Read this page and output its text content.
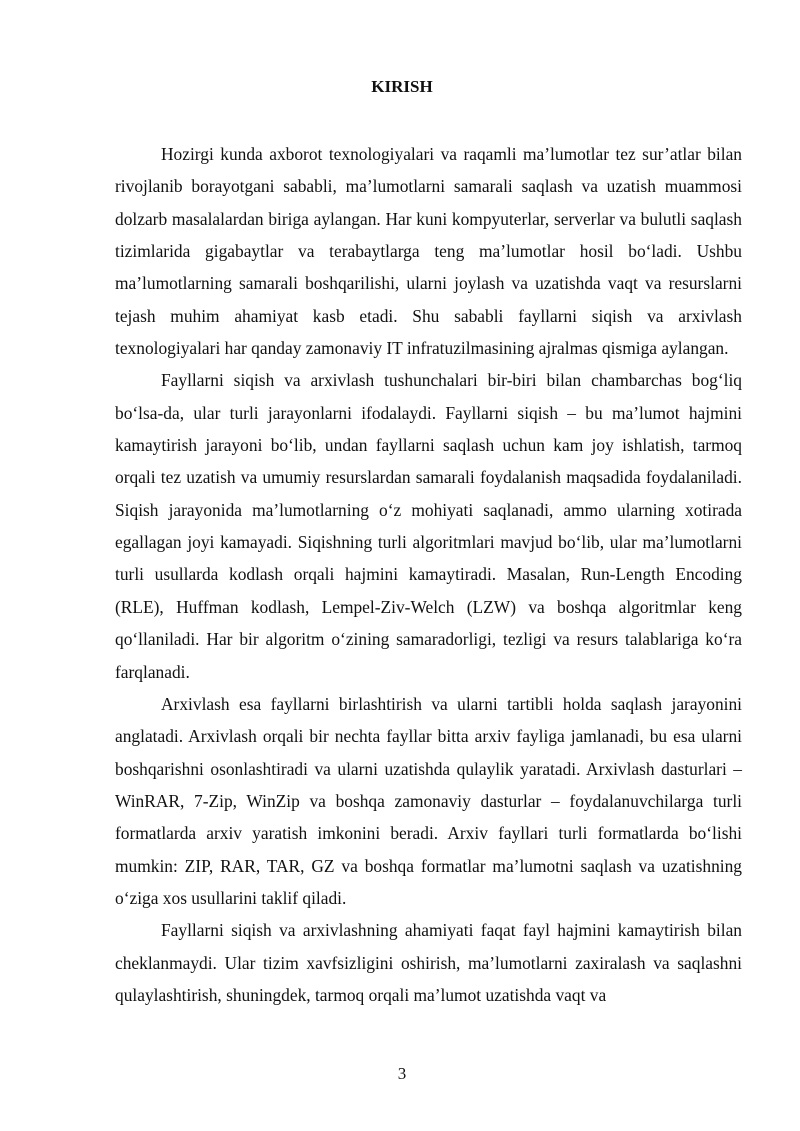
KIRISH

Hozirgi kunda axborot texnologiyalari va raqamli ma’lumotlar tez sur’atlar bilan rivojlanib borayotgani sababli, ma’lumotlarni samarali saqlash va uzatish muammosi dolzarb masalalardan biriga aylangan. Har kuni kompyuterlar, serverlar va bulutli saqlash tizimlarida gigabaytlar va terabaytlarga teng ma’lumotlar hosil bo‘ladi. Ushbu ma’lumotlarning samarali boshqarilishi, ularni joylash va uzatishda vaqt va resurslarni tejash muhim ahamiyat kasb etadi. Shu sababli fayllarni siqish va arxivlash texnologiyalari har qanday zamonaviy IT infratuzilmasining ajralmas qismiga aylangan.

Fayllarni siqish va arxivlash tushunchalari bir-biri bilan chambarchas bog‘liq bo‘lsa-da, ular turli jarayonlarni ifodalaydi. Fayllarni siqish – bu ma’lumot hajmini kamaytirish jarayoni bo‘lib, undan fayllarni saqlash uchun kam joy ishlatish, tarmoq orqali tez uzatish va umumiy resurslardan samarali foydalanish maqsadida foydalaniladi. Siqish jarayonida ma’lumotlarning o‘z mohiyati saqlanadi, ammo ularning xotirada egallagan joyi kamayadi. Siqishning turli algoritmlari mavjud bo‘lib, ular ma’lumotlarni turli usullarda kodlash orqali hajmini kamaytiradi. Masalan, Run-Length Encoding (RLE), Huffman kodlash, Lempel-Ziv-Welch (LZW) va boshqa algoritmlar keng qo‘llaniladi. Har bir algoritm o‘zining samaradorligi, tezligi va resurs talablariga ko‘ra farqlanadi.

Arxivlash esa fayllarni birlashtirish va ularni tartibli holda saqlash jarayonini anglatadi. Arxivlash orqali bir nechta fayllar bitta arxiv fayliga jamlanadi, bu esa ularni boshqarishni osonlashtiradi va ularni uzatishda qulaylik yaratadi. Arxivlash dasturlari – WinRAR, 7-Zip, WinZip va boshqa zamonaviy dasturlar – foydalanuvchilarga turli formatlarda arxiv yaratish imkonini beradi. Arxiv fayllari turli formatlarda bo‘lishi mumkin: ZIP, RAR, TAR, GZ va boshqa formatlar ma’lumotni saqlash va uzatishning o‘ziga xos usullarini taklif qiladi.

Fayllarni siqish va arxivlashning ahamiyati faqat fayl hajmini kamaytirish bilan cheklanmaydi. Ular tizim xavfsizligini oshirish, ma’lumotlarni zaxiralash va saqlashni qulaylashtirish, shuningdek, tarmoq orqali ma’lumot uzatishda vaqt va

3
